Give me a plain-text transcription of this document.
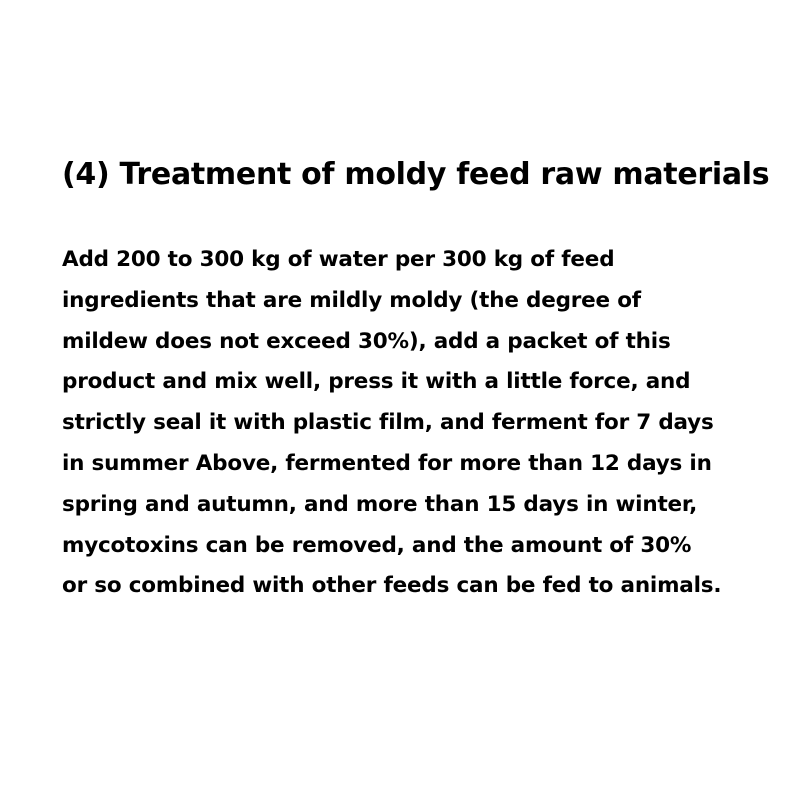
(4) Treatment of moldy feed raw materials
Add 200 to 300 kg of water per 300 kg of feed
ingredients that are mildly moldy (the degree of
mildew does not exceed 30%), add a packet of this
product and mix well, press it with a little force, and
strictly seal it with plastic film, and ferment for 7 days
in summer Above, fermented for more than 12 days in
spring and autumn, and more than 15 days in winter,
mycotoxins can be removed, and the amount of 30%
or so combined with other feeds can be fed to animals.
